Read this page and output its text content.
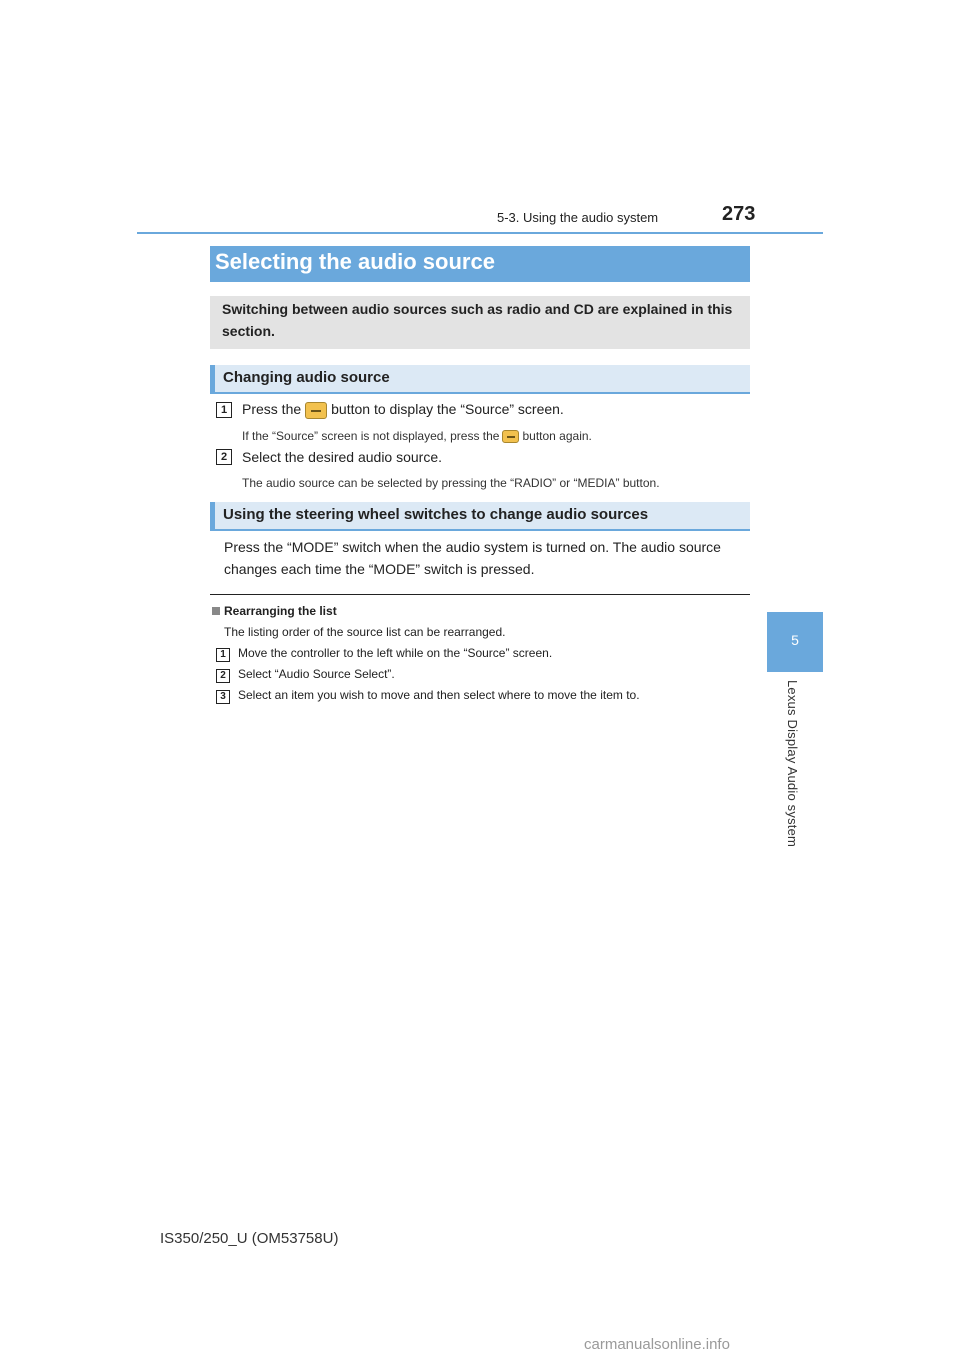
5-3. Using the audio system	273
5
Lexus Display Audio system
Selecting the audio source
Switching between audio sources such as radio and CD are explained in this section.
Changing audio source
1	Press the button to display the “Source” screen.
If the “Source” screen is not displayed, press the button again.
2	Select the desired audio source.
The audio source can be selected by pressing the “RADIO” or “MEDIA” button.
Using the steering wheel switches to change audio sources
Press the “MODE” switch when the audio system is turned on. The audio source
changes each time the “MODE” switch is pressed.
Rearranging the list
The listing order of the source list can be rearranged.
1	Move the controller to the left while on the “Source” screen.
2	Select “Audio Source Select”.
3	Select an item you wish to move and then select where to move the item to.
IS350/250_U (OM53758U)
carmanualsonline.info
